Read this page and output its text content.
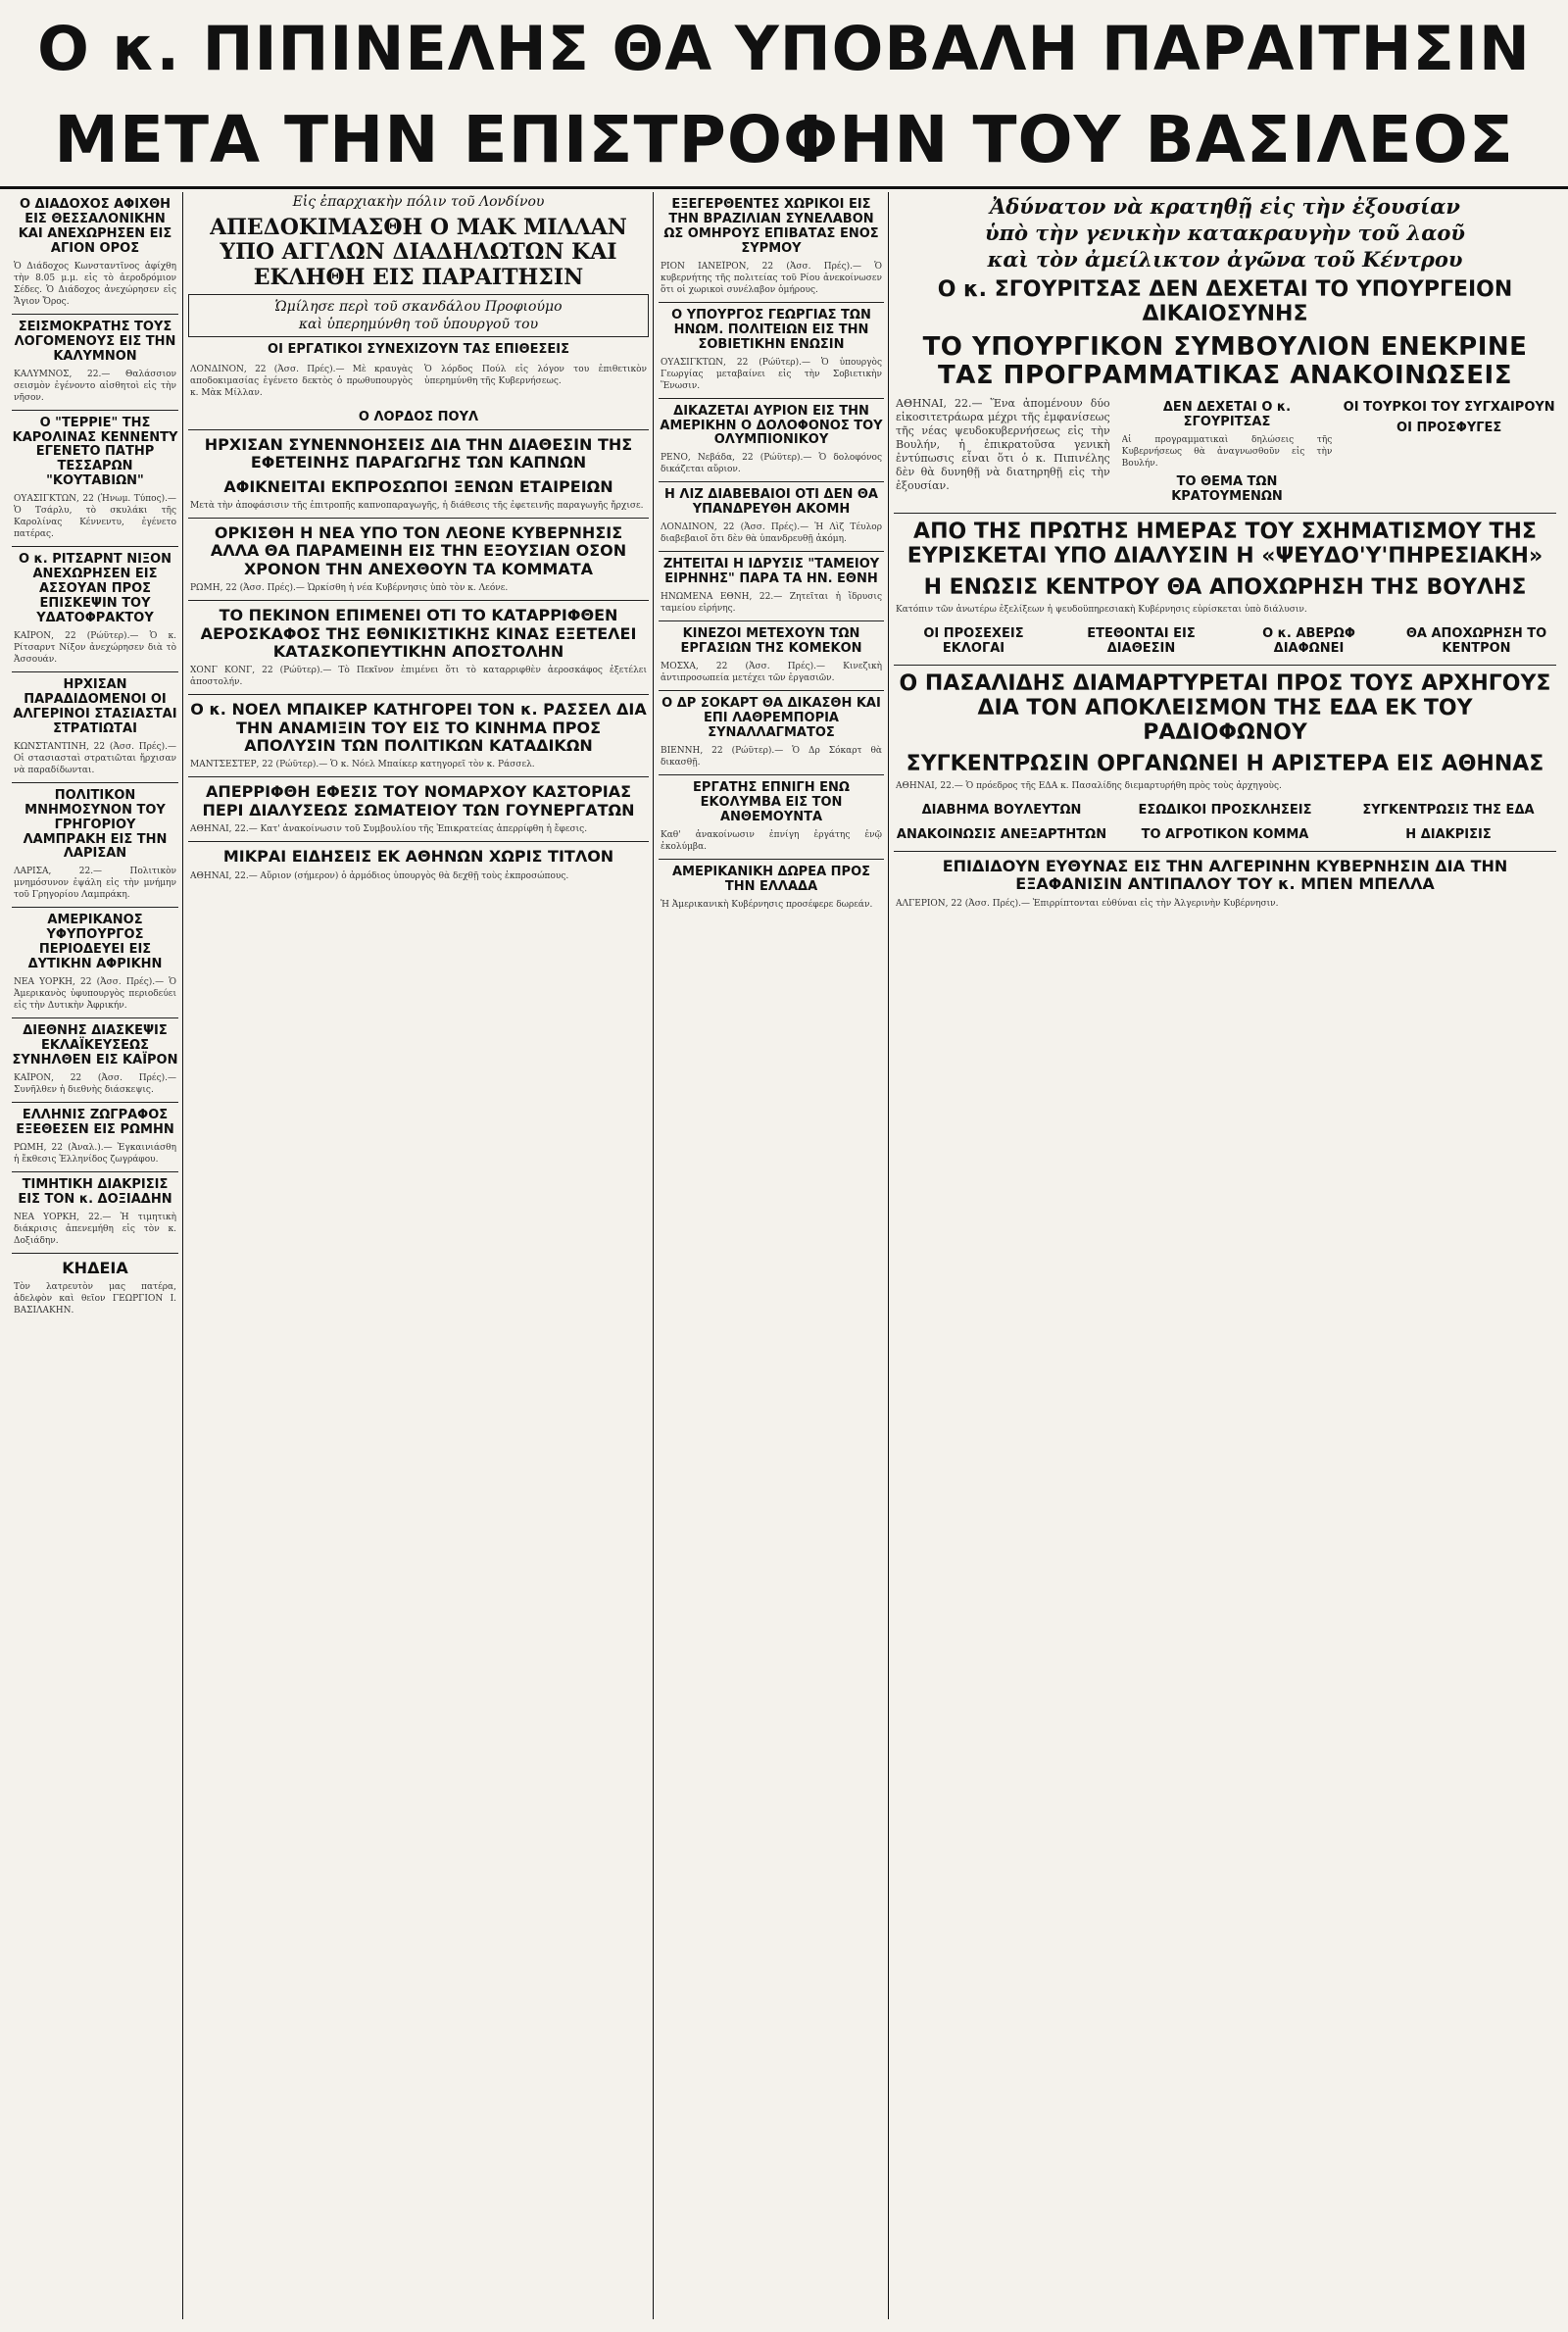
Ο κ. ΠΙΠΙΝΕΛΗΣ ΘΑ ΥΠΟΒΑΛΗ ΠΑΡΑΙΤΗΣΙΝ
ΜΕΤΑ ΤΗΝ ΕΠΙΣΤΡΟΦΗΝ ΤΟΥ ΒΑΣΙΛΕΟΣ
Ο ΔΙΑΔΟΧΟΣ ΑΦΙΧΘΗ ΕΙΣ ΘΕΣΣΑΛΟΝΙΚΗΝ ΚΑΙ ΑΝΕΧΩΡΗΣΕΝ ΕΙΣ ΑΓΙΟΝ ΟΡΟΣ
Ὁ Διάδοχος Κωνσταντῖνος ἀφίχθη τὴν 8.05 μ.μ. εἰς τὸ ἀεροδρόμιον Σέδες. Ὁ Διάδοχος ἀνεχώρησεν εἰς Ἅγιον Ὄρος.
ΣΕΙΣΜΟΚΡΑΤΗΣ ΤΟΥΣ ΛΟΓΟΜΕΝΟΥΣ ΕΙΣ ΤΗΝ ΚΑΛΥΜΝΟΝ
ΚΑΛΥΜΝΟΣ, 22.— Θαλάσσιον σεισμὸν ἐγένοντο αἰσθητοὶ εἰς τὴν νῆσον.
Ο "ΤΕΡΡΙΕ" ΤΗΣ ΚΑΡΟΛΙΝΑΣ ΚΕΝΝΕΝΤΥ ΕΓΕΝΕΤΟ ΠΑΤΗΡ ΤΕΣΣΑΡΩΝ "ΚΟΥΤΑΒΙΩΝ"
ΟΥΑΣΙΓΚΤΩΝ, 22 (Ἡνωμ. Τύπος).— Ὁ Τσάρλυ, τὸ σκυλάκι τῆς Καρολίνας Κέννεντυ, ἐγένετο πατέρας.
Ο κ. ΡΙΤΣΑΡΝΤ ΝΙΞΟΝ ΑΝΕΧΩΡΗΣΕΝ ΕΙΣ ΑΣΣΟΥΑΝ ΠΡΟΣ ΕΠΙΣΚΕΨΙΝ ΤΟΥ ΥΔΑΤΟΦΡΑΚΤΟΥ
ΚΑΪΡΟΝ, 22 (Ρώϋτερ).— Ὁ κ. Ρίτσαρντ Νίξον ἀνεχώρησεν διὰ τὸ Ἀσσουάν.
ΗΡΧΙΣΑΝ ΠΑΡΑΔΙΔΟΜΕΝΟΙ ΟΙ ΑΛΓΕΡΙΝΟΙ ΣΤΑΣΙΑΣΤΑΙ ΣΤΡΑΤΙΩΤΑΙ
ΚΩΝΣΤΑΝΤΙΝΗ, 22 (Ἀσσ. Πρές).— Οἱ στασιασταὶ στρατιῶται ἤρχισαν νὰ παραδίδωνται.
ΠΟΛΙΤΙΚΟΝ ΜΝΗΜΟΣΥΝΟΝ ΤΟΥ ΓΡΗΓΟΡΙΟΥ ΛΑΜΠΡΑΚΗ ΕΙΣ ΤΗΝ ΛΑΡΙΣΑΝ
ΛΑΡΙΣΑ, 22.— Πολιτικὸν μνημόσυνον ἐψάλη εἰς τὴν μνήμην τοῦ Γρηγορίου Λαμπράκη.
ΑΜΕΡΙΚΑΝΟΣ ΥΦΥΠΟΥΡΓΟΣ ΠΕΡΙΟΔΕΥΕΙ ΕΙΣ ΔΥΤΙΚΗΝ ΑΦΡΙΚΗΝ
ΝΕΑ ΥΟΡΚΗ, 22 (Ἀσσ. Πρές).— Ὁ Ἀμερικανὸς ὑφυπουργὸς περιοδεύει εἰς τὴν Δυτικὴν Ἀφρικήν.
ΔΙΕΘΝΗΣ ΔΙΑΣΚΕΨΙΣ ΕΚΛΑΪΚΕΥΣΕΩΣ ΣΥΝΗΛΘΕΝ ΕΙΣ ΚΑΪΡΟΝ
ΚΑΪΡΟΝ, 22 (Ἀσσ. Πρές).— Συνῆλθεν ἡ διεθνὴς διάσκεψις.
ΕΛΛΗΝΙΣ ΖΩΓΡΑΦΟΣ ΕΞΕΘΕΣΕΝ ΕΙΣ ΡΩΜΗΝ
ΡΩΜΗ, 22 (Ἀναλ.).— Ἐγκαινιάσθη ἡ ἔκθεσις Ἑλληνίδος ζωγράφου.
ΤΙΜΗΤΙΚΗ ΔΙΑΚΡΙΣΙΣ ΕΙΣ ΤΟΝ κ. ΔΟΞΙΑΔΗΝ
ΝΕΑ ΥΟΡΚΗ, 22.— Ἡ τιμητικὴ διάκρισις ἀπενεμήθη εἰς τὸν κ. Δοξιάδην.
ΚΗΔΕΙΑ
Τὸν λατρευτὸν μας πατέρα, ἀδελφὸν καὶ θεῖον ΓΕΩΡΓΙΟΝ Ι. ΒΑΣΙΛΑΚΗΝ.
Εἰς ἐπαρχιακὴν πόλιν τοῦ Λονδίνου
ΑΠΕΔΟΚΙΜΑΣΘΗ Ο ΜΑΚ ΜΙΛΛΑΝ ΥΠΟ ΑΓΓΛΩΝ ΔΙΑΔΗΛΩΤΩΝ ΚΑΙ ΕΚΛΗΘΗ ΕΙΣ ΠΑΡΑΙΤΗΣΙΝ
Ὡμίλησε περὶ τοῦ σκανδάλου Προφιούμο
καὶ ὑπερημύνθη τοῦ ὑπουργοῦ του
ΟΙ ΕΡΓΑΤΙΚΟΙ ΣΥΝΕΧΙΖΟΥΝ ΤΑΣ ΕΠΙΘΕΣΕΙΣ
ΛΟΝΔΙΝΟΝ, 22 (Ἀσσ. Πρές).— Μὲ κραυγὰς αποδοκιμασίας ἐγένετο δεκτὸς ὁ πρωθυπουργὸς κ. Μὰκ Μίλλαν.
Ὁ λόρδος Πούλ εἰς λόγον του ἐπιθετικὸν ὑπερημύνθη τῆς Κυβερνήσεως.
Ο ΛΟΡΔΟΣ ΠΟΥΛ
ΗΡΧΙΣΑΝ ΣΥΝΕΝΝΟΗΣΕΙΣ ΔΙΑ ΤΗΝ ΔΙΑΘΕΣΙΝ ΤΗΣ ΕΦΕΤΕΙΝΗΣ ΠΑΡΑΓΩΓΗΣ ΤΩΝ ΚΑΠΝΩΝ
ΑΦΙΚΝΕΙΤΑΙ ΕΚΠΡΟΣΩΠΟΙ ΞΕΝΩΝ ΕΤΑΙΡΕΙΩΝ
Μετὰ τὴν ἀποφάσισιν τῆς ἐπιτροπῆς καπνοπαραγωγῆς, ἡ διάθεσις τῆς ἐφετεινῆς παραγωγῆς ἤρχισε.
ΟΡΚΙΣΘΗ Η ΝΕΑ ΥΠΟ ΤΟΝ ΛΕΟΝΕ ΚΥΒΕΡΝΗΣΙΣ ΑΛΛΑ ΘΑ ΠΑΡΑΜΕΙΝΗ ΕΙΣ ΤΗΝ ΕΞΟΥΣΙΑΝ ΟΣΟΝ ΧΡΟΝΟΝ ΤΗΝ ΑΝΕΧΘΟΥΝ ΤΑ ΚΟΜΜΑΤΑ
ΡΩΜΗ, 22 (Ἀσσ. Πρές).— Ὡρκίσθη ἡ νέα Κυβέρνησις ὑπὸ τὸν κ. Λεόνε.
ΤΟ ΠΕΚΙΝΟΝ ΕΠΙΜΕΝΕΙ ΟΤΙ ΤΟ ΚΑΤΑΡΡΙΦΘΕΝ ΑΕΡΟΣΚΑΦΟΣ ΤΗΣ ΕΘΝΙΚΙΣΤΙΚΗΣ ΚΙΝΑΣ ΕΞΕΤΕΛΕΙ ΚΑΤΑΣΚΟΠΕΥΤΙΚΗΝ ΑΠΟΣΤΟΛΗΝ
ΧΟΝΓ ΚΟΝΓ, 22 (Ρώϋτερ).— Τὸ Πεκῖνον ἐπιμένει ὅτι τὸ καταρριφθὲν ἀεροσκάφος ἐξετέλει ἀποστολήν.
Ο κ. ΝΟΕΛ ΜΠΑΙΚΕΡ ΚΑΤΗΓΟΡΕΙ ΤΟΝ κ. ΡΑΣΣΕΛ ΔΙΑ ΤΗΝ ΑΝΑΜΙΞΙΝ ΤΟΥ ΕΙΣ ΤΟ ΚΙΝΗΜΑ ΠΡΟΣ ΑΠΟΛΥΣΙΝ ΤΩΝ ΠΟΛΙΤΙΚΩΝ ΚΑΤΑΔΙΚΩΝ
ΜΑΝΤΣΕΣΤΕΡ, 22 (Ρώϋτερ).— Ὁ κ. Νόελ Μπαίκερ κατηγορεῖ τὸν κ. Ράσσελ.
ΑΠΕΡΡΙΦΘΗ ΕΦΕΣΙΣ ΤΟΥ ΝΟΜΑΡΧΟΥ ΚΑΣΤΟΡΙΑΣ ΠΕΡΙ ΔΙΑΛΥΣΕΩΣ ΣΩΜΑΤΕΙΟΥ ΤΩΝ ΓΟΥΝΕΡΓΑΤΩΝ
ΑΘΗΝΑΙ, 22.— Κατ' ἀνακοίνωσιν τοῦ Συμβουλίου τῆς Ἐπικρατείας ἀπερρίφθη ἡ ἔφεσις.
ΜΙΚΡΑΙ ΕΙΔΗΣΕΙΣ ΕΚ ΑΘΗΝΩΝ ΧΩΡΙΣ ΤΙΤΛΟΝ
ΑΘΗΝΑΙ, 22.— Αὔριον (σήμερον) ὁ ἀρμόδιος ὑπουργὸς θὰ δεχθῇ τοὺς ἐκπροσώπους.
ΕΞΕΓΕΡΘΕΝΤΕΣ ΧΩΡΙΚΟΙ ΕΙΣ ΤΗΝ ΒΡΑΖΙΛΙΑΝ ΣΥΝΕΛΑΒΟΝ ΩΣ ΟΜΗΡΟΥΣ ΕΠΙΒΑΤΑΣ ΕΝΟΣ ΣΥΡΜΟΥ
ΡΙΟΝ ΙΑΝΕΪΡΟΝ, 22 (Ἀσσ. Πρές).— Ὁ κυβερνήτης τῆς πολιτείας τοῦ Ρίου ἀνεκοίνωσεν ὅτι οἱ χωρικοὶ συνέλαβον ὁμήρους.
Ο ΥΠΟΥΡΓΟΣ ΓΕΩΡΓΙΑΣ ΤΩΝ ΗΝΩΜ. ΠΟΛΙΤΕΙΩΝ ΕΙΣ ΤΗΝ ΣΟΒΙΕΤΙΚΗΝ ΕΝΩΣΙΝ
ΟΥΑΣΙΓΚΤΩΝ, 22 (Ρώϋτερ).— Ὁ ὑπουργὸς Γεωργίας μεταβαίνει εἰς τὴν Σοβιετικὴν Ἕνωσιν.
ΔΙΚΑΖΕΤΑΙ ΑΥΡΙΟΝ ΕΙΣ ΤΗΝ ΑΜΕΡΙΚΗΝ Ο ΔΟΛΟΦΟΝΟΣ ΤΟΥ ΟΛΥΜΠΙΟΝΙΚΟΥ
ΡΕΝΟ, Νεβάδα, 22 (Ρώϋτερ).— Ὁ δολοφόνος δικάζεται αὔριον.
Η ΛΙΖ ΔΙΑΒΕΒΑΙΟΙ ΟΤΙ ΔΕΝ ΘΑ ΥΠΑΝΔΡΕΥΘΗ ΑΚΟΜΗ
ΛΟΝΔΙΝΟΝ, 22 (Ἀσσ. Πρές).— Ἡ Λὶζ Τέυλορ διαβεβαιοῖ ὅτι δὲν θὰ ὑπανδρευθῇ ἀκόμη.
ΖΗΤΕΙΤΑΙ Η ΙΔΡΥΣΙΣ "ΤΑΜΕΙΟΥ ΕΙΡΗΝΗΣ" ΠΑΡΑ ΤΑ ΗΝ. ΕΘΝΗ
ΗΝΩΜΕΝΑ ΕΘΝΗ, 22.— Ζητεῖται ἡ ἵδρυσις ταμείου εἰρήνης.
ΚΙΝΕΖΟΙ ΜΕΤΕΧΟΥΝ ΤΩΝ ΕΡΓΑΣΙΩΝ ΤΗΣ ΚΟΜΕΚΟΝ
ΜΟΣΧΑ, 22 (Ἀσσ. Πρές).— Κινεζικὴ ἀντιπροσωπεία μετέχει τῶν ἐργασιῶν.
Ο ΔΡ ΣΟΚΑΡΤ ΘΑ ΔΙΚΑΣΘΗ ΚΑΙ ΕΠΙ ΛΑΘΡΕΜΠΟΡΙΑ ΣΥΝΑΛΛΑΓΜΑΤΟΣ
ΒΙΕΝΝΗ, 22 (Ρώϋτερ).— Ὁ Δρ Σόκαρτ θὰ δικασθῇ.
ΕΡΓΑΤΗΣ ΕΠΝΙΓΗ ΕΝΩ ΕΚΟΛΥΜΒΑ ΕΙΣ ΤΟΝ ΑΝΘΕΜΟΥΝΤΑ
Καθ' ἀνακοίνωσιν ἐπνίγη ἐργάτης ἐνῷ ἐκολύμβα.
ΑΜΕΡΙΚΑΝΙΚΗ ΔΩΡΕΑ ΠΡΟΣ ΤΗΝ ΕΛΛΑΔΑ
Ἡ Ἀμερικανικὴ Κυβέρνησις προσέφερε δωρεάν.
Ἀδύνατον νὰ κρατηθῇ εἰς τὴν ἐξουσίαν
ὑπὸ τὴν γενικὴν κατακραυγὴν τοῦ λαοῦ
καὶ τὸν ἀμείλικτον ἀγῶνα τοῦ Κέντρου
Ο κ. ΣΓΟΥΡΙΤΣΑΣ ΔΕΝ ΔΕΧΕΤΑΙ ΤΟ ΥΠΟΥΡΓΕΙΟΝ ΔΙΚΑΙΟΣΥΝΗΣ
ΤΟ ΥΠΟΥΡΓΙΚΟΝ ΣΥΜΒΟΥΛΙΟΝ ΕΝΕΚΡΙΝΕ ΤΑΣ ΠΡΟΓΡΑΜΜΑΤΙΚΑΣ ΑΝΑΚΟΙΝΩΣΕΙΣ
ΑΘΗΝΑΙ, 22.— Ἕνα ἀπομένουν δύο εἰκοσιτετράωρα μέχρι τῆς ἐμφανίσεως τῆς νέας ψευδοκυβερνήσεως εἰς τὴν Βουλήν, ἡ ἐπικρατοῦσα γενικὴ ἐντύπωσις εἶναι ὅτι ὁ κ. Πιπινέλης δὲν θὰ δυνηθῇ νὰ διατηρηθῇ εἰς τὴν ἐξουσίαν.
ΔΕΝ ΔΕΧΕΤΑΙ Ο κ. ΣΓΟΥΡΙΤΣΑΣ
Αἱ προγραμματικαὶ δηλώσεις τῆς Κυβερνήσεως θὰ ἀναγνωσθοῦν εἰς τὴν Βουλήν.
ΤΟ ΘΕΜΑ ΤΩΝ ΚΡΑΤΟΥΜΕΝΩΝ
ΟΙ ΤΟΥΡΚΟΙ ΤΟΥ ΣΥΓΧΑΙΡΟΥΝ
ΟΙ ΠΡΟΣΦΥΓΕΣ
ΑΠΟ ΤΗΣ ΠΡΩΤΗΣ ΗΜΕΡΑΣ ΤΟΥ ΣΧΗΜΑΤΙΣΜΟΥ ΤΗΣ ΕΥΡΙΣΚΕΤΑΙ ΥΠΟ ΔΙΑΛΥΣΙΝ Η «ΨΕΥΔΟ'Υ'ΠΗΡΕΣΙΑΚΗ»
Η ΕΝΩΣΙΣ ΚΕΝΤΡΟΥ ΘΑ ΑΠΟΧΩΡΗΣΗ ΤΗΣ ΒΟΥΛΗΣ
Κατόπιν τῶν ἀνωτέρω ἐξελίξεων ἡ ψευδοϋπηρεσιακὴ Κυβέρνησις εὑρίσκεται ὑπὸ διάλυσιν.
ΟΙ ΠΡΟΣΕΧΕΙΣ ΕΚΛΟΓΑΙ
ΕΤΕΘΟΝΤΑΙ ΕΙΣ ΔΙΑΘΕΣΙΝ
Ο κ. ΑΒΕΡΩΦ ΔΙΑΦΩΝΕΙ
ΘΑ ΑΠΟΧΩΡΗΣΗ ΤΟ ΚΕΝΤΡΟΝ
Ο ΠΑΣΑΛΙΔΗΣ ΔΙΑΜΑΡΤΥΡΕΤΑΙ ΠΡΟΣ ΤΟΥΣ ΑΡΧΗΓΟΥΣ ΔΙΑ ΤΟΝ ΑΠΟΚΛΕΙΣΜΟΝ ΤΗΣ ΕΔΑ ΕΚ ΤΟΥ ΡΑΔΙΟΦΩΝΟΥ
ΣΥΓΚΕΝΤΡΩΣΙΝ ΟΡΓΑΝΩΝΕΙ Η ΑΡΙΣΤΕΡΑ ΕΙΣ ΑΘΗΝΑΣ
ΑΘΗΝΑΙ, 22.— Ὁ πρόεδρος τῆς ΕΔΑ κ. Πασαλίδης διεμαρτυρήθη πρὸς τοὺς ἀρχηγοὺς.
ΔΙΑΒΗΜΑ ΒΟΥΛΕΥΤΩΝ	ΕΣΩΔΙΚΟΙ ΠΡΟΣΚΛΗΣΕΙΣ	ΣΥΓΚΕΝΤΡΩΣΙΣ ΤΗΣ ΕΔΑ
ΑΝΑΚΟΙΝΩΣΙΣ ΑΝΕΞΑΡΤΗΤΩΝ	ΤΟ ΑΓΡΟΤΙΚΟΝ ΚΟΜΜΑ	Η ΔΙΑΚΡΙΣΙΣ
ΕΠΙΔΙΔΟΥΝ ΕΥΘΥΝΑΣ ΕΙΣ ΤΗΝ ΑΛΓΕΡΙΝΗΝ ΚΥΒΕΡΝΗΣΙΝ ΔΙΑ ΤΗΝ ΕΞΑΦΑΝΙΣΙΝ ΑΝΤΙΠΑΛΟΥ ΤΟΥ κ. ΜΠΕΝ ΜΠΕΛΛΑ
ΑΛΓΕΡΙΟΝ, 22 (Ἀσσ. Πρές).— Ἐπιρρίπτονται εὐθύναι εἰς τὴν Ἀλγερινὴν Κυβέρνησιν.
